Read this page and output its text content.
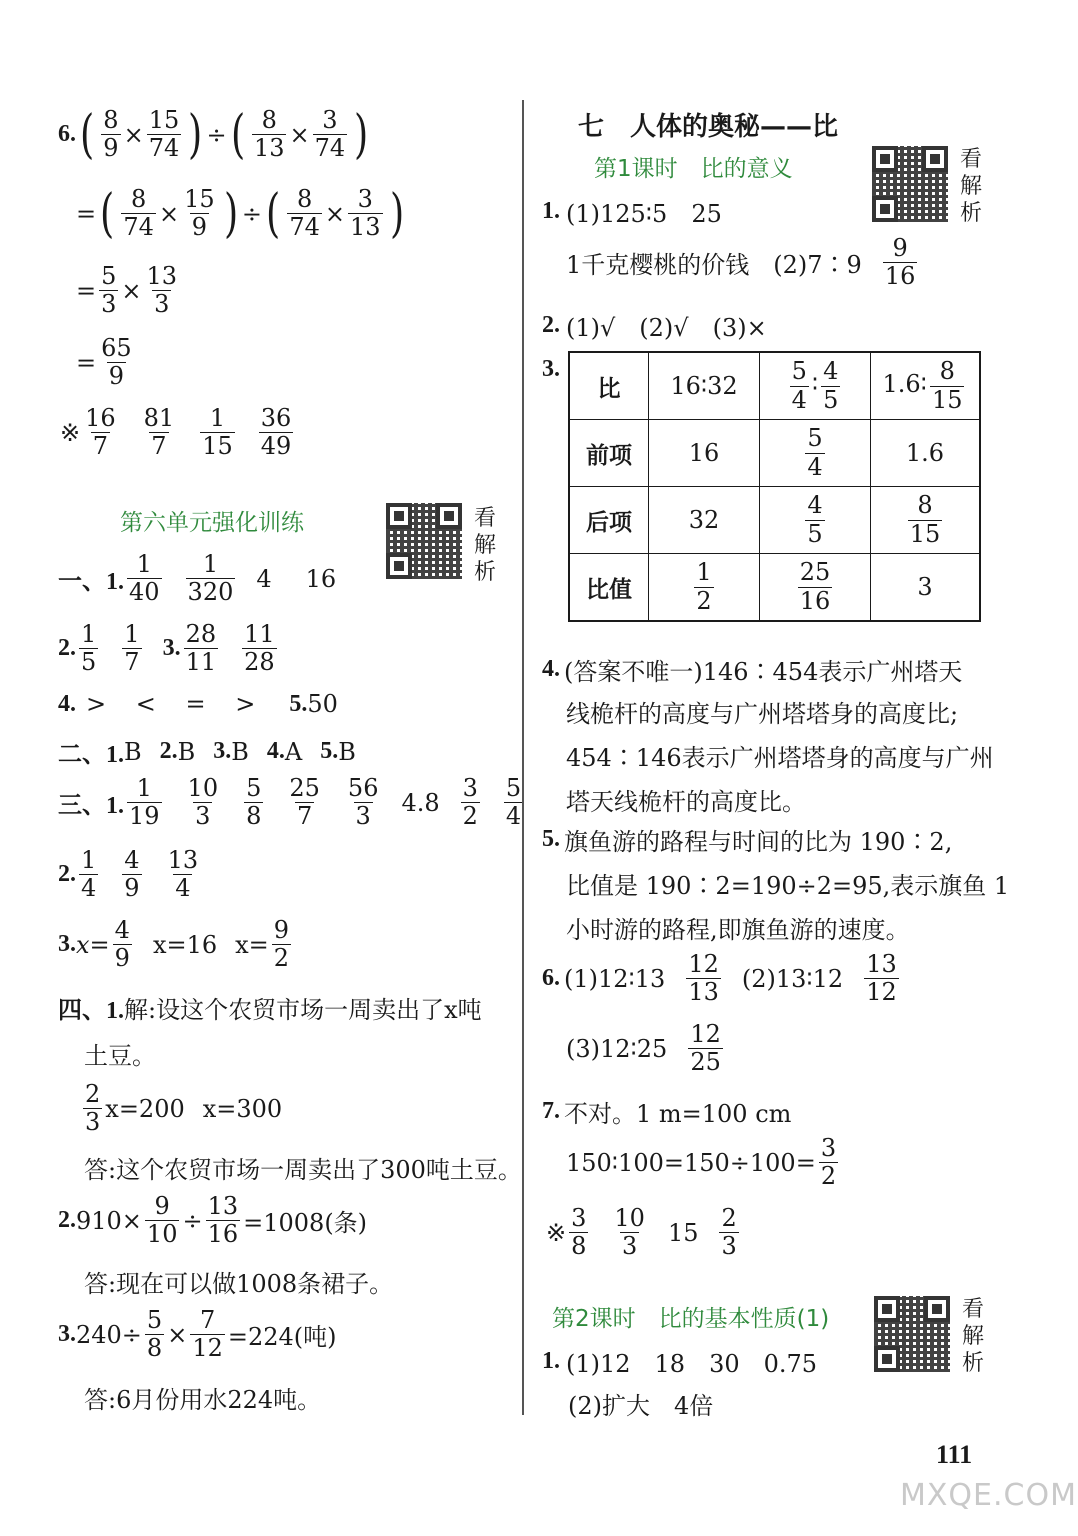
6. ( $\frac{8}{9} \times \frac{15}{74}$ ) ÷ ( $\frac{8}{13} \times \frac{3}{74}$ )
= ( $\frac{8}{74} \times \frac{15}{9}$ ) ÷ ( $\frac{8}{74} \times \frac{3}{13}$ )
= $\frac{5}{3} \times \frac{13}{3}$
= $\frac{65}{9}$
※
16
7
81
7
1
15
36
49
第六单元强化训练	看
解
析
一、1.
1
40
1
320 4 16
2.
1
5
1
7 3.
28
11
11
28
4. > < = > 5. 50
二、1. B 2. B 3. B 4. A 5. B
三、1.
1
19
10
3
5
8
25
7
56
3 4.8
3
2
5
4
2.
1
4
4
9
13
4
3. $x= \frac{4}{9} x=16$ $x= \frac{9}{2}$
四、1. 解:设这个农贸市场一周卖出了x吨
土豆。
2
3 x=200 x=300
答:这个农贸市场一周卖出了300吨土豆。
2. $910\times \frac{9}{10} \div \frac{13}{16} =1008$(条)
答:现在可以做1008条裙子。
3. $240\div \frac{5}{8} \times \frac{7}{12} =224$(吨)
答:6月份用水224吨。
七　人体的奥秘——比
第1课时　比的意义	看
解
析
1. (1)125∶5　25
1千克樱桃的价钱　(2)7∶9
9
16
2. (1)√　(2)√　(3)×
3.
比	16∶32	$\frac{5}{4}$ ∶ $\frac{4}{5}$	1.6∶ $\frac{8}{15}$

前项	16	$\frac{5}{4}$	1.6
后项	32	$\frac{4}{5}$	$\frac{8}{15}$

比值	$\frac{1}{2}$	$\frac{25}{16}$	3
4. (答案不唯一)146∶454表示广州塔天
线桅杆的高度与广州塔塔身的高度比;
454∶146表示广州塔塔身的高度与广州
塔天线桅杆的高度比。
5. 旗鱼游的路程与时间的比为 190∶2,
比值是 190∶2=190÷2=95,表示旗鱼 1
小时游的路程,即旗鱼游的速度。
6. (1)12∶13
12
13 (2)13∶12
13
12
(3)12∶25
12
25
7. 不对。1 m=100 cm
150∶100=150÷100= $\frac{3}{2}$
※
3
8
10
3 15
2
3
第2课时　比的基本性质(1)	看
解
析
1. (1)12　18　30　0.75
(2)扩大　4倍
111
MXQE.COM
